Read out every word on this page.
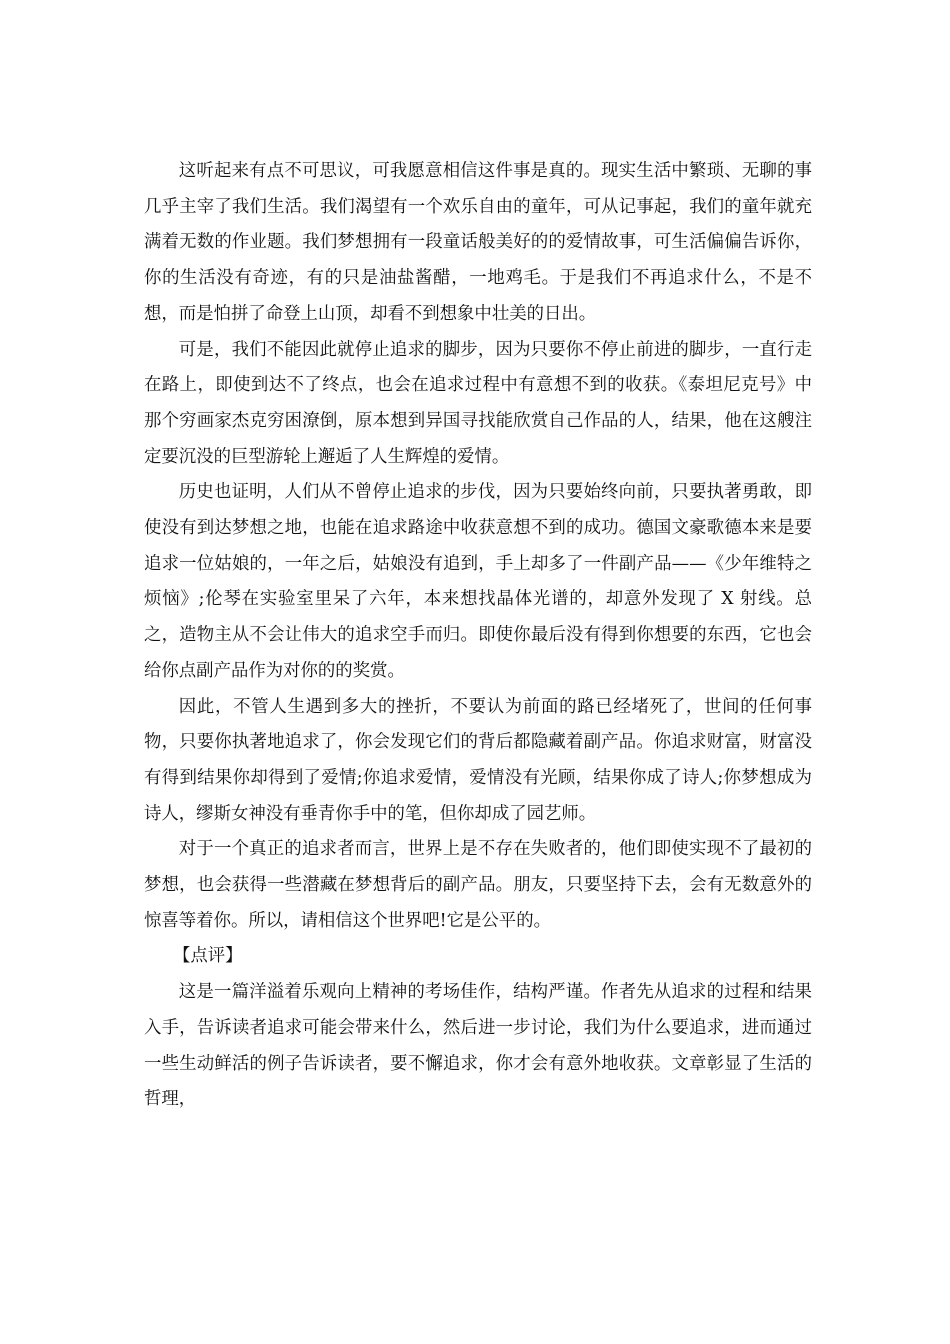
这听起来有点不可思议，可我愿意相信这件事是真的。现实生活中繁琐、无聊的事几乎主宰了我们生活。我们渴望有一个欢乐自由的童年，可从记事起，我们的童年就充满着无数的作业题。我们梦想拥有一段童话般美好的的爱情故事，可生活偏偏告诉你，你的生活没有奇迹，有的只是油盐酱醋，一地鸡毛。于是我们不再追求什么，不是不想，而是怕拼了命登上山顶，却看不到想象中壮美的日出。

可是，我们不能因此就停止追求的脚步，因为只要你不停止前进的脚步，一直行走在路上，即使到达不了终点，也会在追求过程中有意想不到的收获。《泰坦尼克号》中那个穷画家杰克穷困潦倒，原本想到异国寻找能欣赏自己作品的人，结果，他在这艘注定要沉没的巨型游轮上邂逅了人生辉煌的爱情。

历史也证明，人们从不曾停止追求的步伐，因为只要始终向前，只要执著勇敢，即使没有到达梦想之地，也能在追求路途中收获意想不到的成功。德国文豪歌德本来是要追求一位姑娘的，一年之后，姑娘没有追到，手上却多了一件副产品——《少年维特之烦恼》;伦琴在实验室里呆了六年，本来想找晶体光谱的，却意外发现了 X 射线。总之，造物主从不会让伟大的追求空手而归。即使你最后没有得到你想要的东西，它也会给你点副产品作为对你的的奖赏。

因此，不管人生遇到多大的挫折，不要认为前面的路已经堵死了，世间的任何事物，只要你执著地追求了，你会发现它们的背后都隐藏着副产品。你追求财富，财富没有得到结果你却得到了爱情;你追求爱情，爱情没有光顾，结果你成了诗人;你梦想成为诗人，缪斯女神没有垂青你手中的笔，但你却成了园艺师。

对于一个真正的追求者而言，世界上是不存在失败者的，他们即使实现不了最初的梦想，也会获得一些潜藏在梦想背后的副产品。朋友，只要坚持下去，会有无数意外的惊喜等着你。所以，请相信这个世界吧!它是公平的。

【点评】

这是一篇洋溢着乐观向上精神的考场佳作，结构严谨。作者先从追求的过程和结果入手，告诉读者追求可能会带来什么，然后进一步讨论，我们为什么要追求，进而通过一些生动鲜活的例子告诉读者，要不懈追求，你才会有意外地收获。文章彰显了生活的哲理，
